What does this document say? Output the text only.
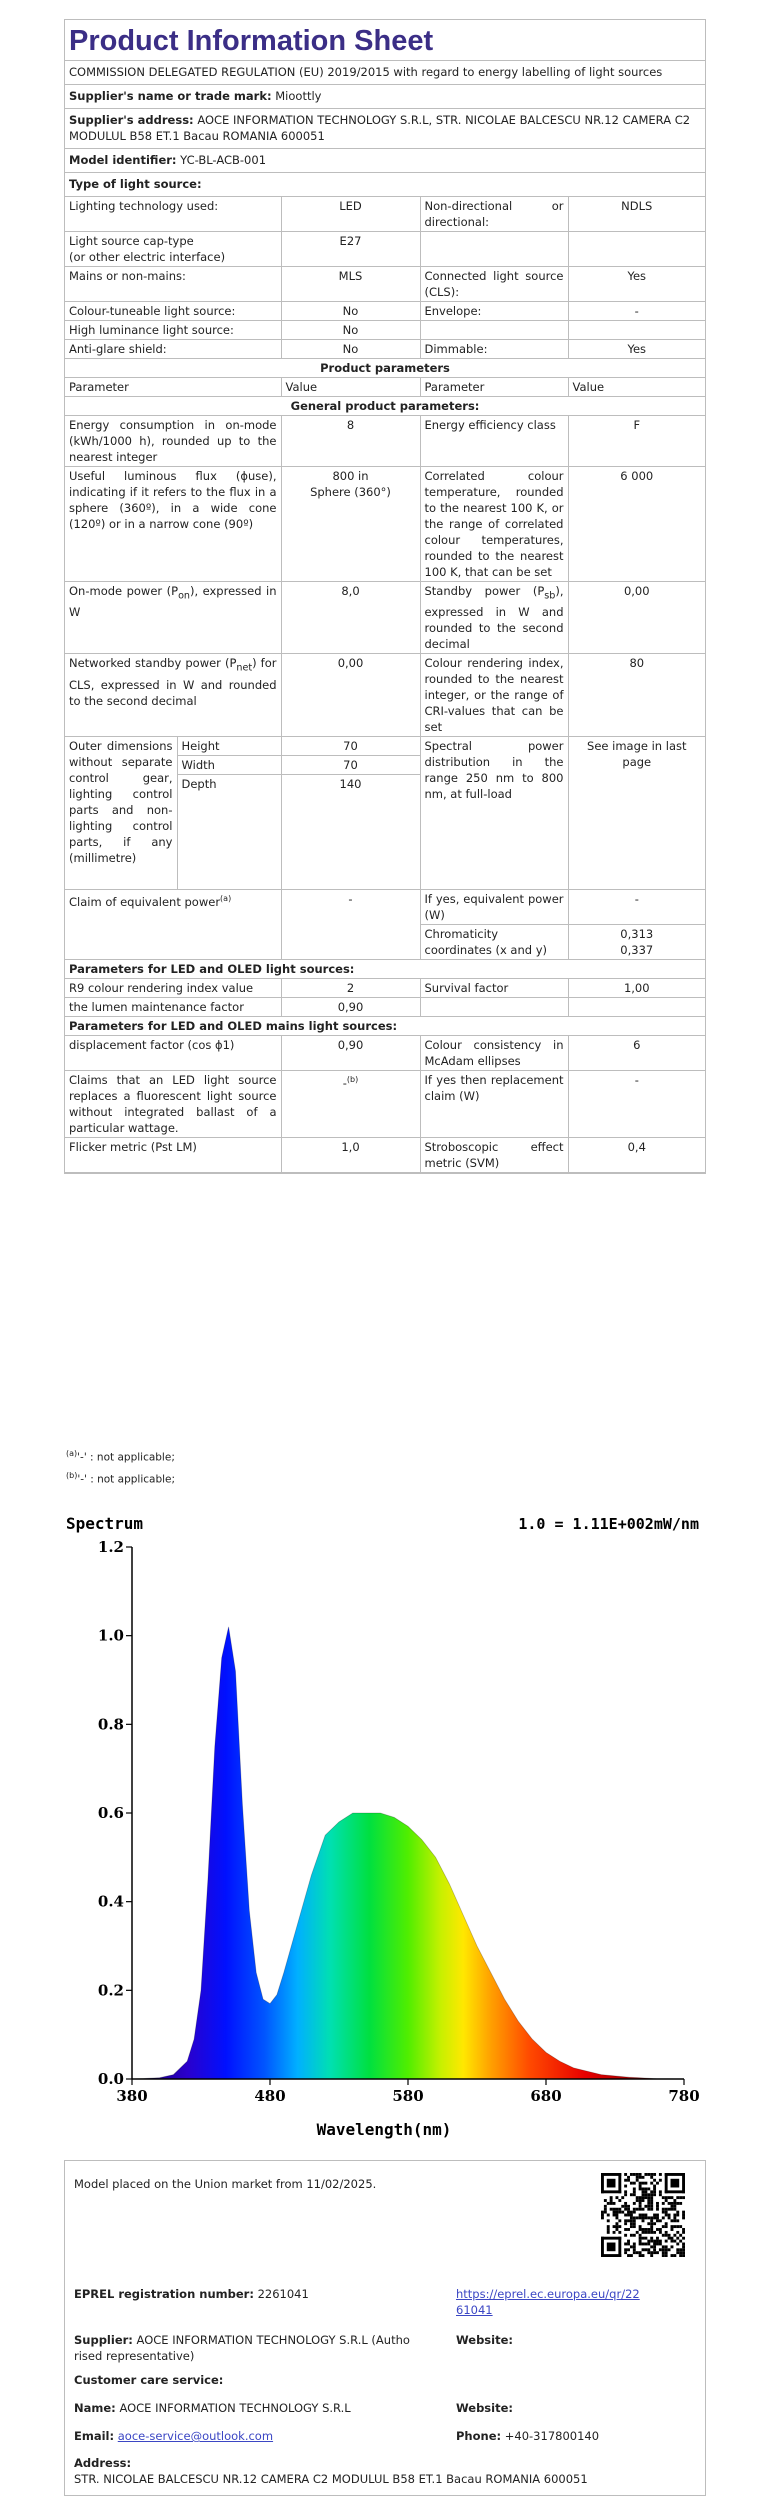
Product Information Sheet
COMMISSION DELEGATED REGULATION (EU) 2019/2015 with regard to energy labelling of light sources
Supplier's name or trade mark: Mioottly
Supplier's address: AOCE INFORMATION TECHNOLOGY S.R.L, STR. NICOLAE BALCESCU NR.12 CAMERA C2 MODULUL B58 ET.1 Bacau ROMANIA 600051
Model identifier: YC-BL-ACB-001
Type of light source:
Lighting technology used:	LED	Non-directional or directional:	NDLS
Light source cap-type
(or other electric interface)	E27		
Mains or non-mains:	MLS	Connected light source (CLS):	Yes
Colour-tuneable light source:	No	Envelope:	-
High luminance light source:	No		
Anti-glare shield:	No	Dimmable:	Yes
Product parameters				
Parameter		Value	Parameter	Value
General product parameters:				
Energy consumption in on-mode (kWh/1000 h), rounded up to the nearest integer		8	Energy efficiency class	F
Useful luminous flux (ɸuse), indicating if it refers to the flux in a sphere (360º), in a wide cone (120º) or in a narrow cone (90º)		800 in
Sphere (360°)	Correlated colour temperature, rounded to the nearest 100 K, or the range of correlated colour temperatures, rounded to the nearest 100 K, that can be set	6 000
On-mode power $(P_{on})$, expressed in W		8,0	Standby power $(P_{sb})$, expressed in W and rounded to the second decimal	0,00
Networked standby power $(P_{net})$ for CLS, expressed in W and rounded to the second decimal		0,00	Colour rendering index, rounded to the nearest integer, or the range of CRI-values that can be set	80
Outer dimensions without separate control gear, lighting control parts and non-lighting control parts, if any (millimetre)	Height	70	Spectral power distribution in the range 250 nm to 800 nm, at full-load	See image in last page
	Width	70		
	Depth	140		
Claim of equivalent power$^{(a)}$		-	If yes, equivalent power (W)	-
			Chromaticity coordinates (x and y)	0,313
0,337
Parameters for LED and OLED light sources:				
R9 colour rendering index value		2	Survival factor	1,00
the lumen maintenance factor		0,90		
Parameters for LED and OLED mains light sources:				
displacement factor (cos ɸ1)		0,90	Colour consistency in McAdam ellipses	6
Claims that an LED light source replaces a fluorescent light source without integrated ballast of a particular wattage.		-$^{(b)}$	If yes then replacement claim (W)	-
Flicker metric (Pst LM)		1,0	Stroboscopic effect metric (SVM)	0,4
$^{(a)}$'-' : not applicable;
$^{(b)}$'-' : not applicable;
0.0
0.2
0.4
0.6
0.8
1.0
1.2
380	480	580	680	780
Spectrum	1.0 = 1.11E+002mW/nm
Wavelength(nm)
Model placed on the Union market from 11/02/2025.
EPREL registration number: 2261041	https://eprel.ec.europa.eu/qr/22
61041
Supplier: AOCE INFORMATION TECHNOLOGY S.R.L (Autho
rised representative)
Website:
Customer care service:
Name: AOCE INFORMATION TECHNOLOGY S.R.L	Website:
Email: aoce-service@outlook.com	Phone: +40-317800140
Address:
STR. NICOLAE BALCESCU NR.12 CAMERA C2 MODULUL B58 ET.1 Bacau ROMANIA 600051
